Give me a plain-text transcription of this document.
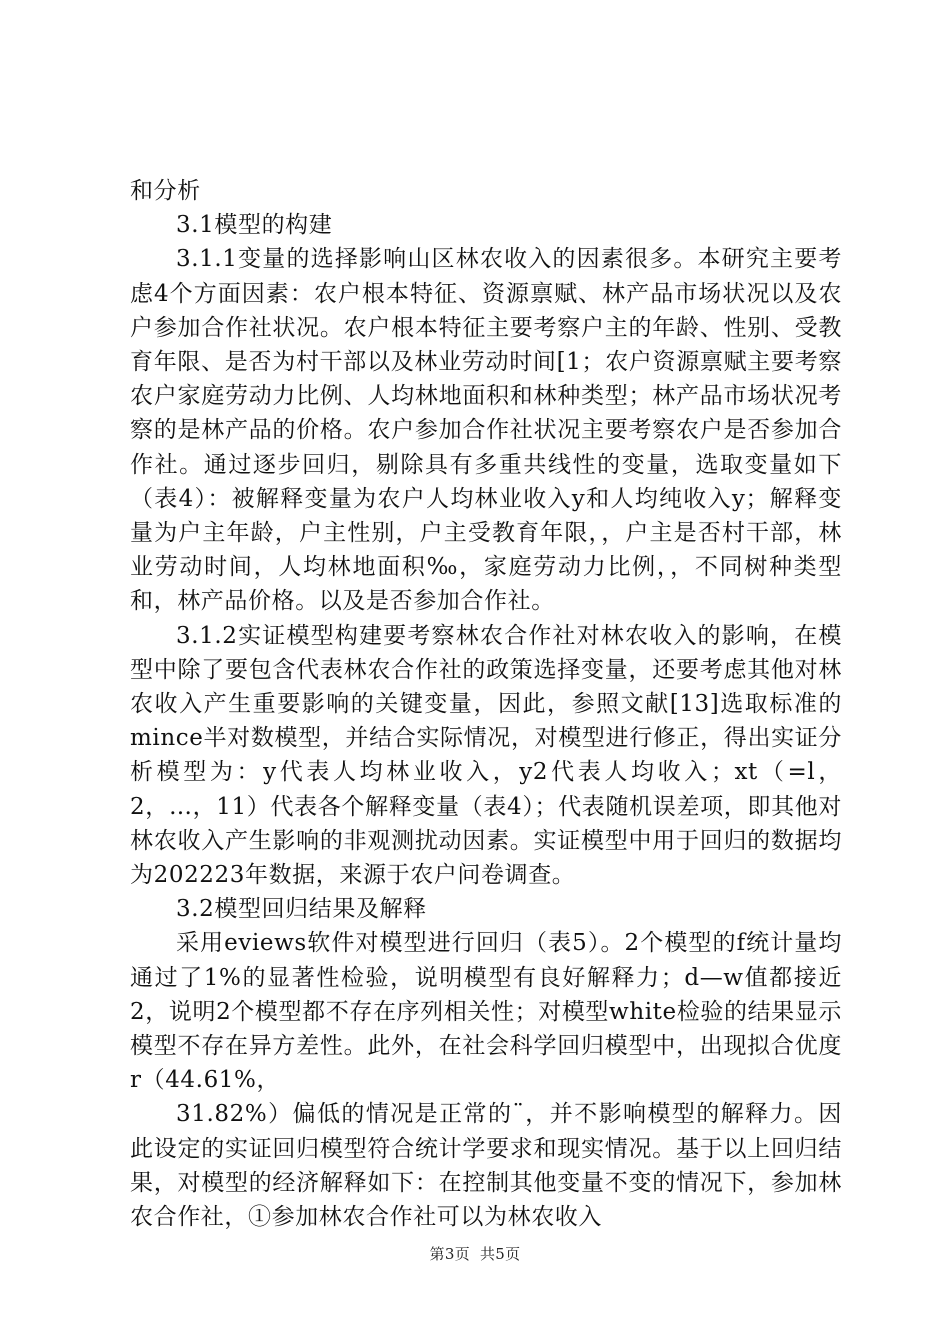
和分析

3.1模型的构建

3.1.1变量的选择影响山区林农收入的因素很多。本研究主要考虑4个方面因素：农户根本特征、资源禀赋、林产品市场状况以及农户参加合作社状况。农户根本特征主要考察户主的年龄、性别、受教育年限、是否为村干部以及林业劳动时间[1；农户资源禀赋主要考察农户家庭劳动力比例、人均林地面积和林种类型；林产品市场状况考察的是林产品的价格。农户参加合作社状况主要考察农户是否参加合作社。通过逐步回归，剔除具有多重共线性的变量，选取变量如下（表4）：被解释变量为农户人均林业收入y和人均纯收入y；解释变量为户主年龄，户主性别，户主受教育年限，，户主是否村干部，林业劳动时间，人均林地面积‰，家庭劳动力比例，，不同树种类型和，林产品价格。以及是否参加合作社。

3.1.2实证模型构建要考察林农合作社对林农收入的影响，在模型中除了要包含代表林农合作社的政策选择变量，还要考虑其他对林农收入产生重要影响的关键变量，因此，参照文献[13]选取标准的mince半对数模型，并结合实际情况，对模型进行修正，得出实证分析模型为：y代表人均林业收入，y2代表人均收入；xt（=l，2，…，11）代表各个解释变量（表4）；代表随机误差项，即其他对林农收入产生影响的非观测扰动因素。实证模型中用于回归的数据均为202223年数据，来源于农户问卷调查。

3.2模型回归结果及解释

采用eviews软件对模型进行回归（表5）。2个模型的f统计量均通过了1%的显著性检验，说明模型有良好解释力；d—w值都接近2，说明2个模型都不存在序列相关性；对模型white检验的结果显示模型不存在异方差性。此外，在社会科学回归模型中，出现拟合优度r（44.61%，

31.82%）偏低的情况是正常的¨，并不影响模型的解释力。因此设定的实证回归模型符合统计学要求和现实情况。基于以上回归结果，对模型的经济解释如下：在控制其他变量不变的情况下，参加林农合作社，①参加林农合作社可以为林农收入

第3页 共5页
